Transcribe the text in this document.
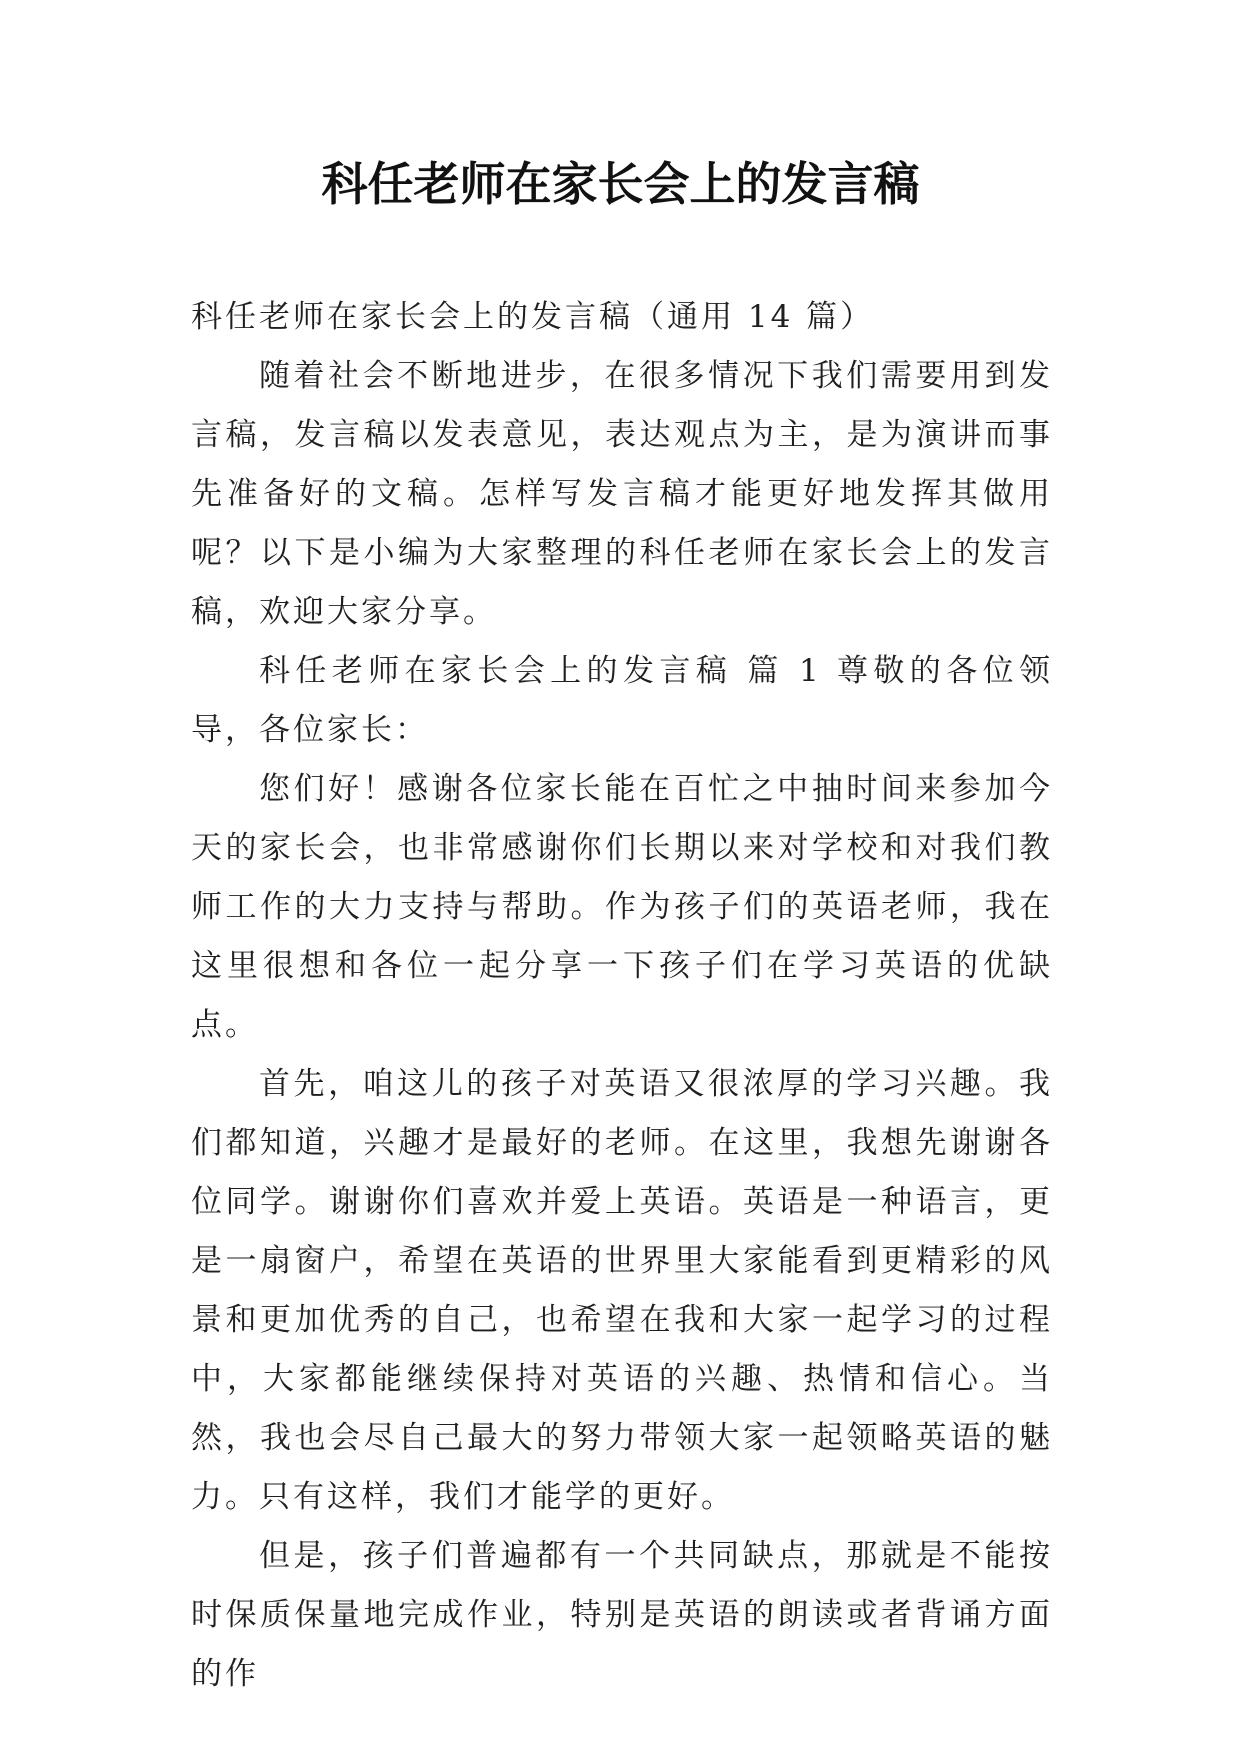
科任老师在家长会上的发言稿

科任老师在家长会上的发言稿（通用 14 篇）

随着社会不断地进步，在很多情况下我们需要用到发言稿，发言稿以发表意见，表达观点为主，是为演讲而事先准备好的文稿。怎样写发言稿才能更好地发挥其做用呢？以下是小编为大家整理的科任老师在家长会上的发言稿，欢迎大家分享。

科任老师在家长会上的发言稿 篇 1 尊敬的各位领导，各位家长：

您们好！感谢各位家长能在百忙之中抽时间来参加今天的家长会，也非常感谢你们长期以来对学校和对我们教师工作的大力支持与帮助。作为孩子们的英语老师，我在这里很想和各位一起分享一下孩子们在学习英语的优缺点。

首先，咱这儿的孩子对英语又很浓厚的学习兴趣。我们都知道，兴趣才是最好的老师。在这里，我想先谢谢各位同学。谢谢你们喜欢并爱上英语。英语是一种语言，更是一扇窗户，希望在英语的世界里大家能看到更精彩的风景和更加优秀的自己，也希望在我和大家一起学习的过程中，大家都能继续保持对英语的兴趣、热情和信心。当然，我也会尽自己最大的努力带领大家一起领略英语的魅力。只有这样，我们才能学的更好。

但是，孩子们普遍都有一个共同缺点，那就是不能按时保质保量地完成作业，特别是英语的朗读或者背诵方面的作
